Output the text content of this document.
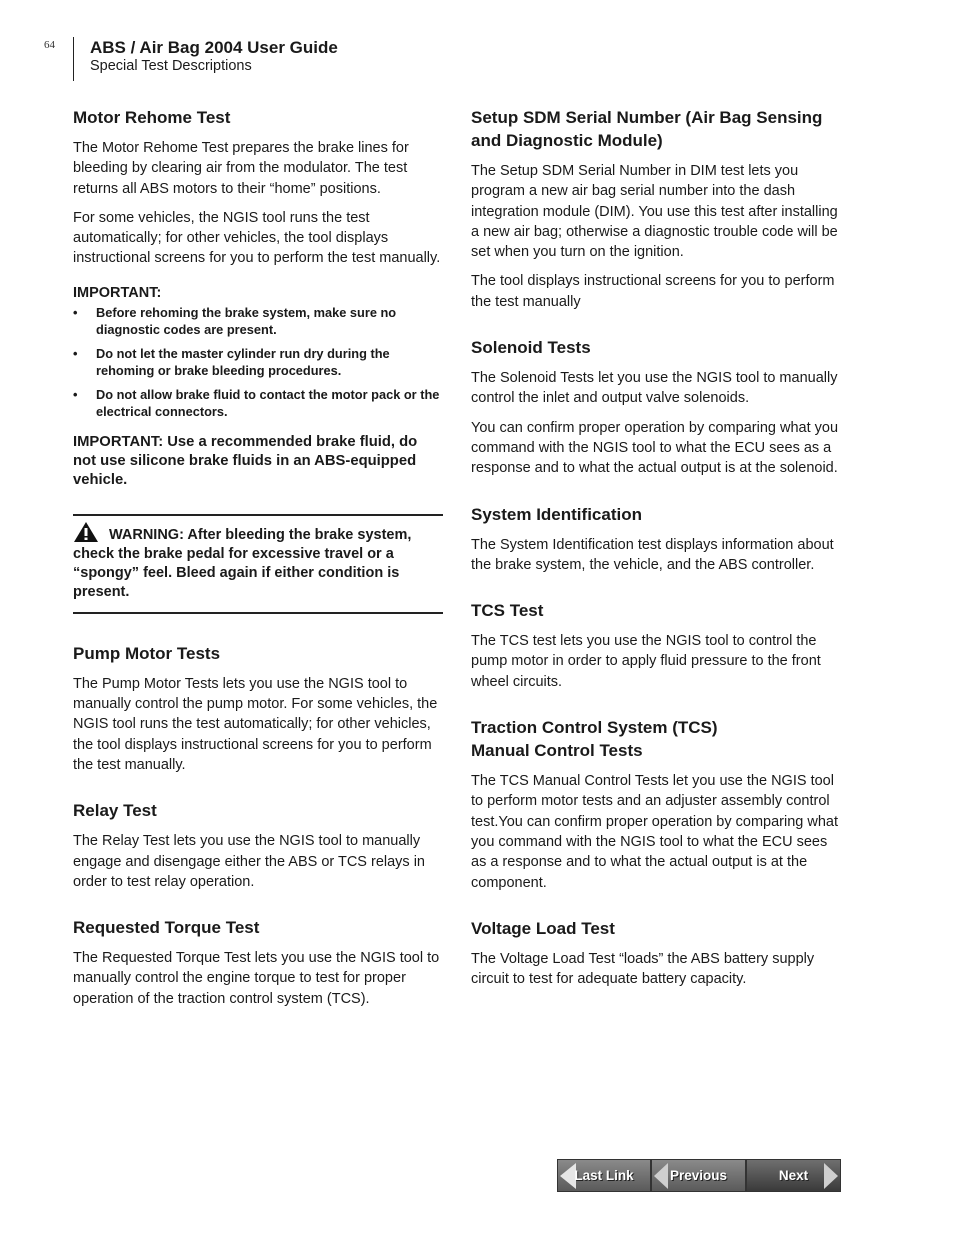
64 ABS / Air Bag 2004 User Guide
Special Test Descriptions
Motor Rehome Test

The Motor Rehome Test prepares the brake lines for bleeding by clearing air from the modulator. The test returns all ABS motors to their “home” positions.

For some vehicles, the NGIS tool runs the test automatically; for other vehicles, the tool displays instructional screens for you to perform the test manually.

IMPORTANT:
• Before rehoming the brake system, make sure no diagnostic codes are present.
• Do not let the master cylinder run dry during the rehoming or brake bleeding procedures.
• Do not allow brake fluid to contact the motor pack or the electrical connectors.
IMPORTANT: Use a recommended brake fluid, do not use silicone brake fluids in an ABS-equipped vehicle.
WARNING: After bleeding the brake system, check the brake pedal for excessive travel or a “spongy” feel. Bleed again if either condition is present.
Pump Motor Tests

The Pump Motor Tests lets you use the NGIS tool to manually control the pump motor. For some vehicles, the NGIS tool runs the test automatically; for other vehicles, the tool displays instructional screens for you to perform the test manually.

Relay Test

The Relay Test lets you use the NGIS tool to manually engage and disengage either the ABS or TCS relays in order to test relay operation.

Requested Torque Test

The Requested Torque Test lets you use the NGIS tool to manually control the engine torque to test for proper operation of the traction control system (TCS).

Setup SDM Serial Number (Air Bag Sensing and Diagnostic Module)

The Setup SDM Serial Number in DIM test lets you program a new air bag serial number into the dash integration module (DIM). You use this test after installing a new air bag; otherwise a diagnostic trouble code will be set when you turn on the ignition.

The tool displays instructional screens for you to perform the test manually

Solenoid Tests

The Solenoid Tests let you use the NGIS tool to manually control the inlet and output valve solenoids.

You can confirm proper operation by comparing what you command with the NGIS tool to what the ECU sees as a response and to what the actual output is at the solenoid.

System Identification

The System Identification test displays information about the brake system, the vehicle, and the ABS controller.

TCS Test

The TCS test lets you use the NGIS tool to control the pump motor in order to apply fluid pressure to the front wheel circuits.

Traction Control System (TCS)
Manual Control Tests

The TCS Manual Control Tests let you use the NGIS tool to perform motor tests and an adjuster assembly control test.You can confirm proper operation by comparing what you command with the NGIS tool to what the ECU sees as a response and to what the actual output is at the component.

Voltage Load Test

The Voltage Load Test “loads” the ABS battery supply circuit to test for adequate battery capacity.

Last Link	Previous	Next
